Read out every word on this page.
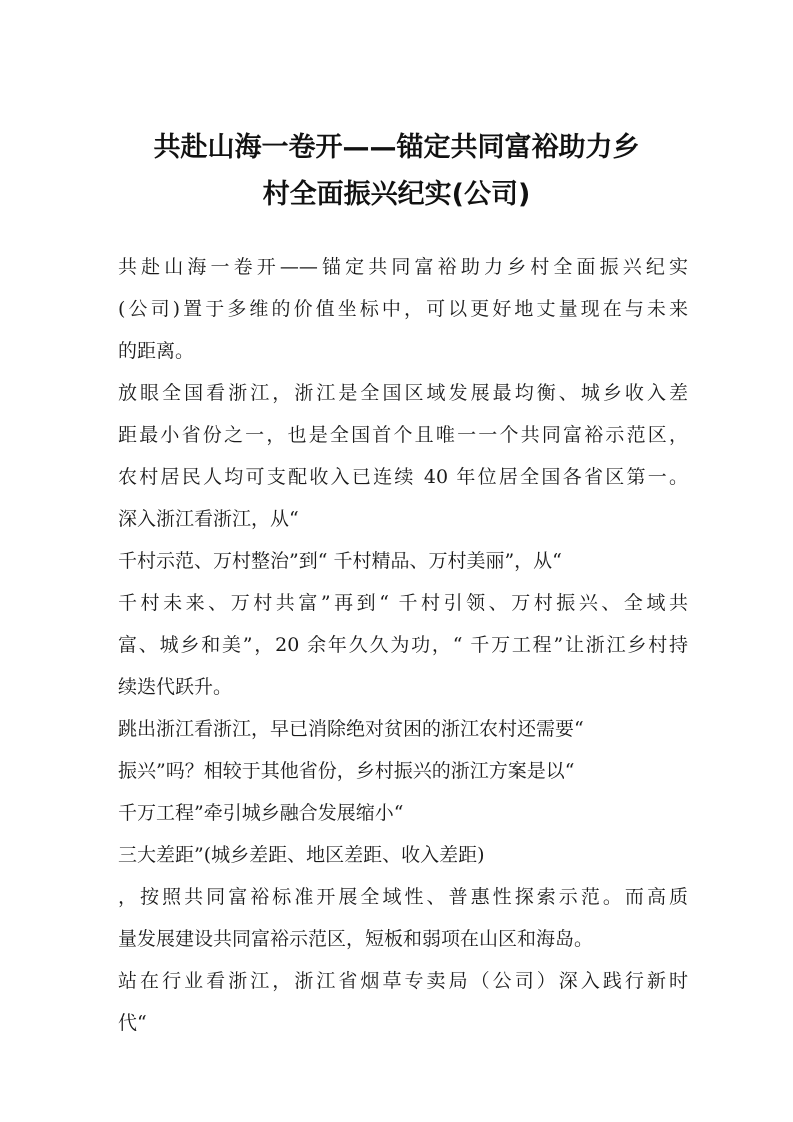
共赴山海一卷开——锚定共同富裕助力乡
村全面振兴纪实(公司)
共赴山海一卷开——锚定共同富裕助力乡村全面振兴纪实
(公司)置于多维的价值坐标中，可以更好地丈量现在与未来
的距离。
放眼全国看浙江，浙江是全国区域发展最均衡、城乡收入差
距最小省份之一，也是全国首个且唯一一个共同富裕示范区，
农村居民人均可支配收入已连续 40 年位居全国各省区第一。
深入浙江看浙江，从“
千村示范、万村整治”到“ 千村精品、万村美丽”，从“
千村未来、万村共富”再到“ 千村引领、万村振兴、全域共
富、城乡和美”，20 余年久久为功，“ 千万工程”让浙江乡村持
续迭代跃升。
跳出浙江看浙江，早已消除绝对贫困的浙江农村还需要“
振兴”吗？相较于其他省份，乡村振兴的浙江方案是以“
千万工程”牵引城乡融合发展缩小“
三大差距”(城乡差距、地区差距、收入差距)
，按照共同富裕标准开展全域性、普惠性探索示范。而高质
量发展建设共同富裕示范区，短板和弱项在山区和海岛。
站在行业看浙江，浙江省烟草专卖局（公司）深入践行新时
代“
